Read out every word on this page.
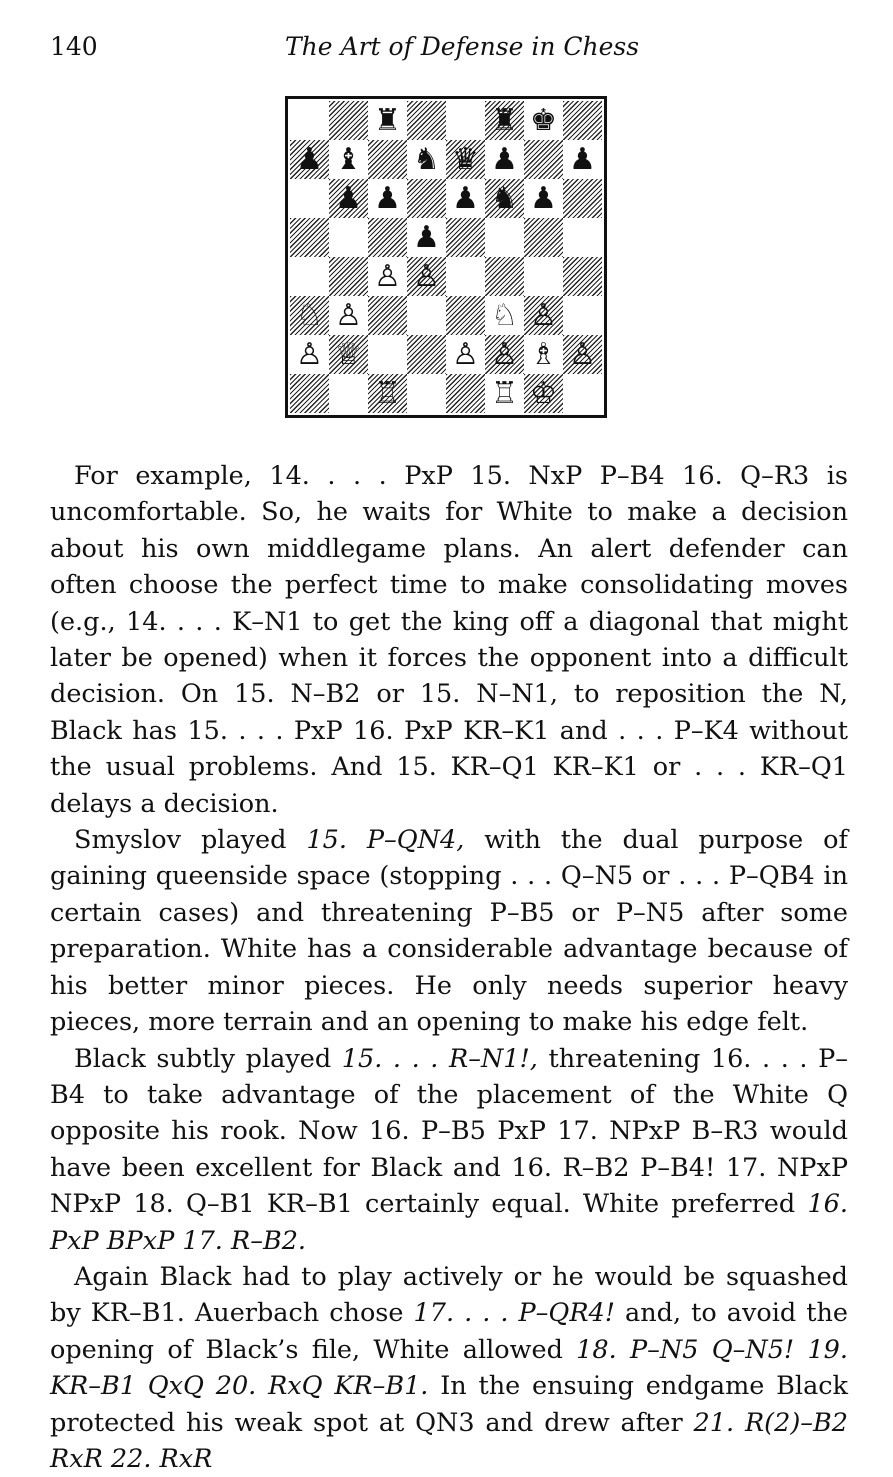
140	The Art of Defense in Chess
♜	♜ ♚
♟ ♝ ♞ ♛ ♟ ♟
♟ ♟ ♟ ♞ ♟
♟
♙ ♙
♘ ♙	♘ ♙
♙ ♕	♙ ♙ ♗ ♙
♖	♖ ♔

For example, 14. . . . PxP 15. NxP P–B4 16. Q–R3 is uncomfortable. So, he waits for White to make a decision about his own middlegame plans. An alert defender can often choose the perfect time to make consolidating moves (e.g., 14. . . . K–N1 to get the king off a diagonal that might later be opened) when it forces the opponent into a difficult decision. On 15. N–B2 or 15. N–N1, to reposition the N, Black has 15. . . . PxP 16. PxP KR–K1 and . . . P–K4 without the usual problems. And 15. KR–Q1 KR–K1 or . . . KR–Q1 delays a decision.

Smyslov played 15. P–QN4, with the dual purpose of gaining queenside space (stopping . . . Q–N5 or . . . P–QB4 in certain cases) and threatening P–B5 or P–N5 after some preparation. White has a considerable advantage because of his better minor pieces. He only needs superior heavy pieces, more terrain and an opening to make his edge felt.

Black subtly played 15. . . . R–N1!, threatening 16. . . . P–B4 to take advantage of the placement of the White Q opposite his rook. Now 16. P–B5 PxP 17. NPxP B–R3 would have been excellent for Black and 16. R–B2 P–B4! 17. NPxP NPxP 18. Q–B1 KR–B1 certainly equal. White preferred 16. PxP BPxP 17. R–B2.

Again Black had to play actively or he would be squashed by KR–B1. Auerbach chose 17. . . . P–QR4! and, to avoid the opening of Black’s file, White allowed 18. P–N5 Q–N5! 19. KR–B1 QxQ 20. RxQ KR–B1. In the ensuing endgame Black protected his weak spot at QN3 and drew after 21. R(2)–B2 RxR 22. RxR
